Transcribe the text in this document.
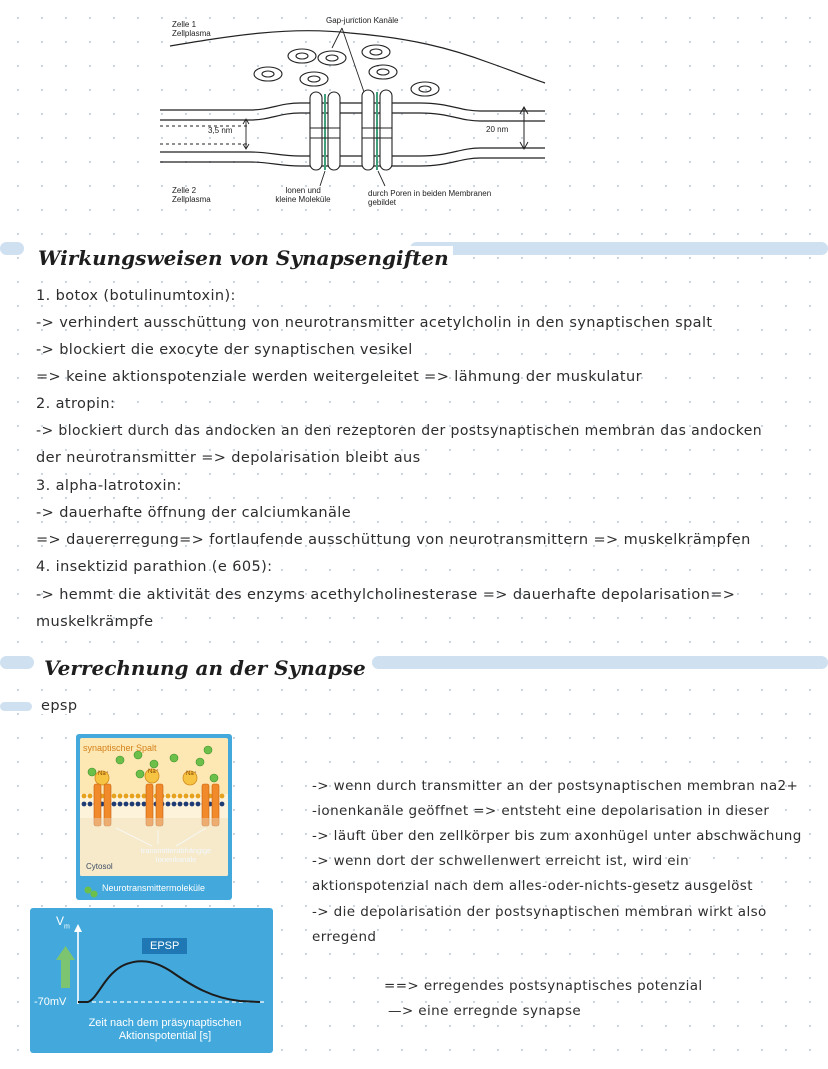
Zelle 1
Zellplasma
Gap-junction Kanäle
3,5 nm	20 nm
Zelle 2
Zellplasma
Ionen und
kleine Moleküle
durch Poren in beiden Membranen
gebildet
Wirkungsweisen von Synapsengiften
1. botox (botulinumtoxin):
-> verhindert ausschüttung von neurotransmitter acetylcholin in den synaptischen spalt
-> blockiert die exocyte der synaptischen vesikel
=> keine aktionspotenziale werden weitergeleitet => lähmung der muskulatur
2. atropin:
-> blockiert durch das andocken an den rezeptoren der postsynaptischen membran das andocken
der neurotransmitter => depolarisation bleibt aus
3. alpha-latrotoxin:
-> dauerhafte öffnung der calciumkanäle
=> dauererregung=> fortlaufende ausschüttung von neurotransmittern => muskelkrämpfen
4. insektizid parathion (e 605):
-> hemmt die aktivität des enzyms acethylcholinesterase => dauerhafte depolarisation=>
muskelkrämpfe
Verrechnung an der Synapse
epsp
synaptischer Spalt
Na⁺	Na⁺	Na⁺
transmitterabhängige
Ionenkanäle
Cytosol
Neurotransmittermoleküle
$V_m$
EPSP
-70mV
Zeit nach dem präsynaptischen
Aktionspotential [s]
-> wenn durch transmitter an der postsynaptischen membran na2+
-ionenkanäle geöffnet => entsteht eine depolarisation in dieser
-> läuft über den zellkörper bis zum axonhügel unter abschwächung
-> wenn dort der schwellenwert erreicht ist, wird ein
aktionspotenzial nach dem alles-oder-nichts-gesetz ausgelöst
-> die depolarisation der postsynaptischen membran wirkt also
erregend
==> erregendes postsynaptisches potenzial
—> eine erregnde synapse
